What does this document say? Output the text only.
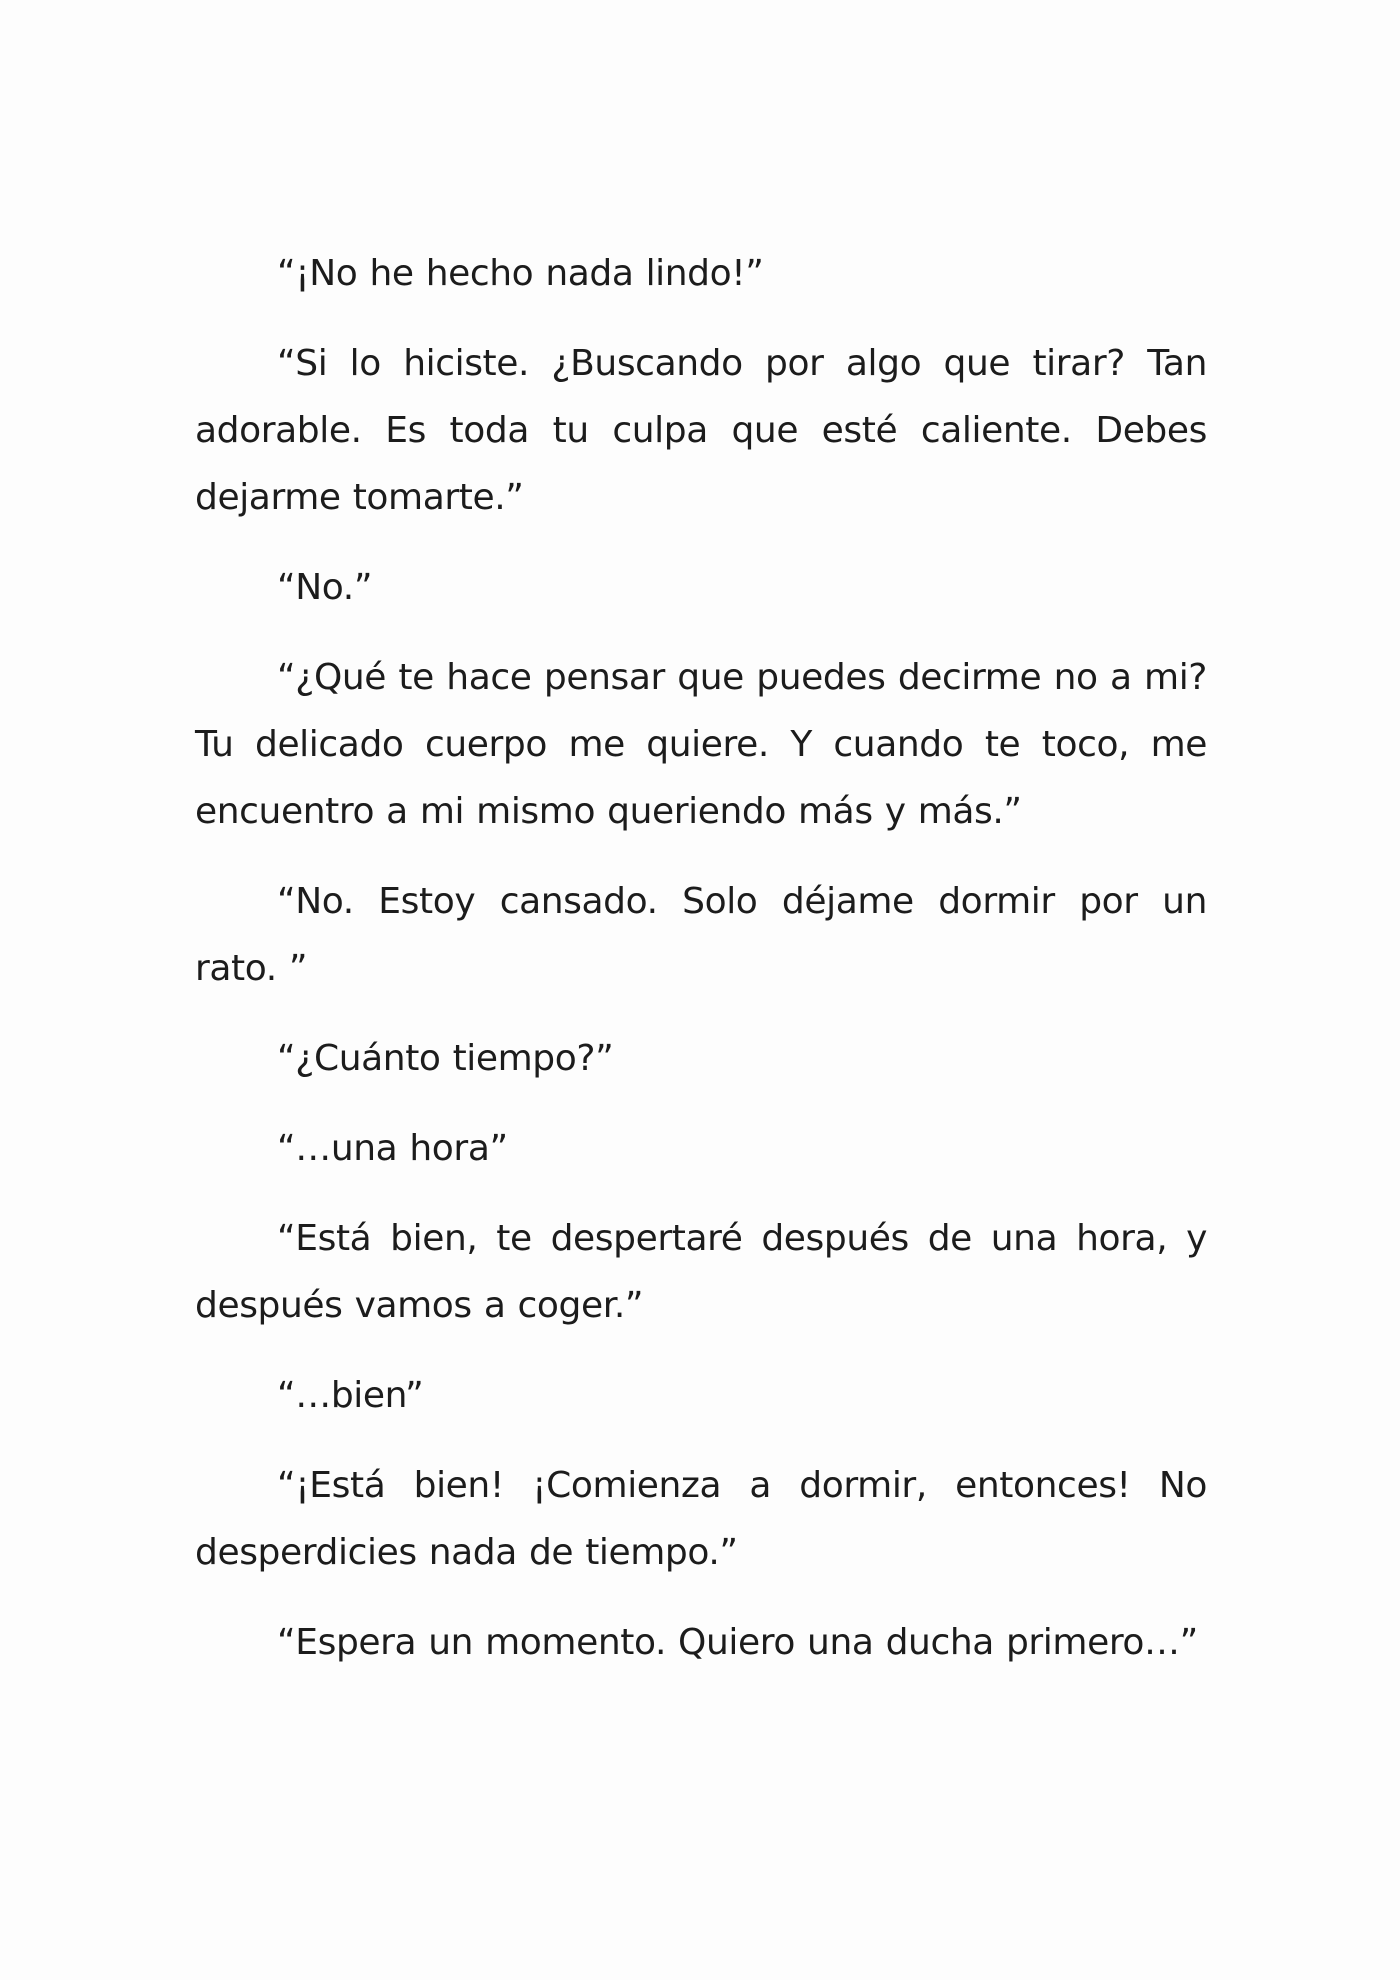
“¡No he hecho nada lindo!”

“Si lo hiciste. ¿Buscando por algo que tirar? Tan adorable. Es toda tu culpa que esté caliente. Debes dejarme tomarte.”

“No.”

“¿Qué te hace pensar que puedes decirme no a mi? Tu delicado cuerpo me quiere. Y cuando te toco, me encuentro a mi mismo queriendo más y más.”

“No. Estoy cansado. Solo déjame dormir por un rato. ”

“¿Cuánto tiempo?”

“…una hora”

“Está bien, te despertaré después de una hora, y después vamos a coger.”

“…bien”

“¡Está bien! ¡Comienza a dormir, entonces! No desperdicies nada de tiempo.”

“Espera un momento. Quiero una ducha primero…”
